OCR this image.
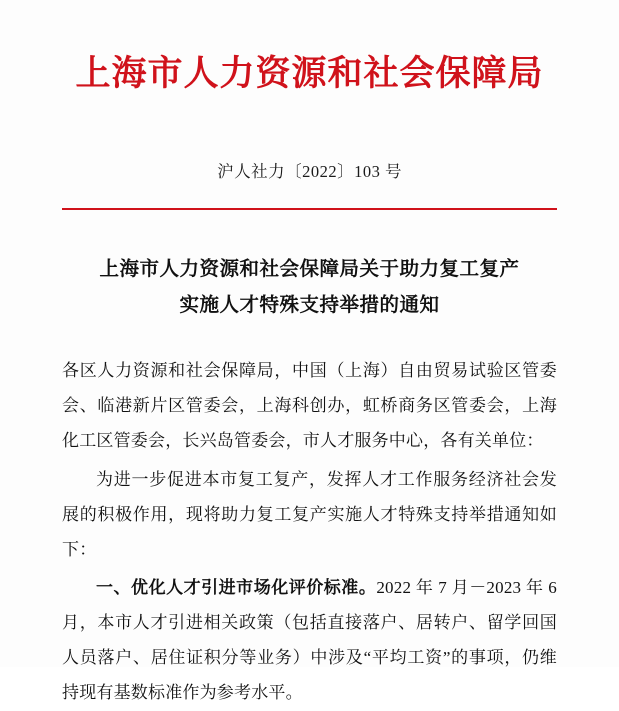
上海市人力资源和社会保障局
沪人社力〔2022〕103 号
上海市人力资源和社会保障局关于助力复工复产
实施人才特殊支持举措的通知

各区人力资源和社会保障局，中国（上海）自由贸易试验区管委会、临港新片区管委会，上海科创办，虹桥商务区管委会，上海化工区管委会，长兴岛管委会，市人才服务中心，各有关单位：

为进一步促进本市复工复产，发挥人才工作服务经济社会发展的积极作用，现将助力复工复产实施人才特殊支持举措通知如下：

一、优化人才引进市场化评价标准。2022 年 7 月－2023 年 6 月，本市人才引进相关政策（包括直接落户、居转户、留学回国人员落户、居住证积分等业务）中涉及“平均工资”的事项，仍维持现有基数标准作为参考水平。
